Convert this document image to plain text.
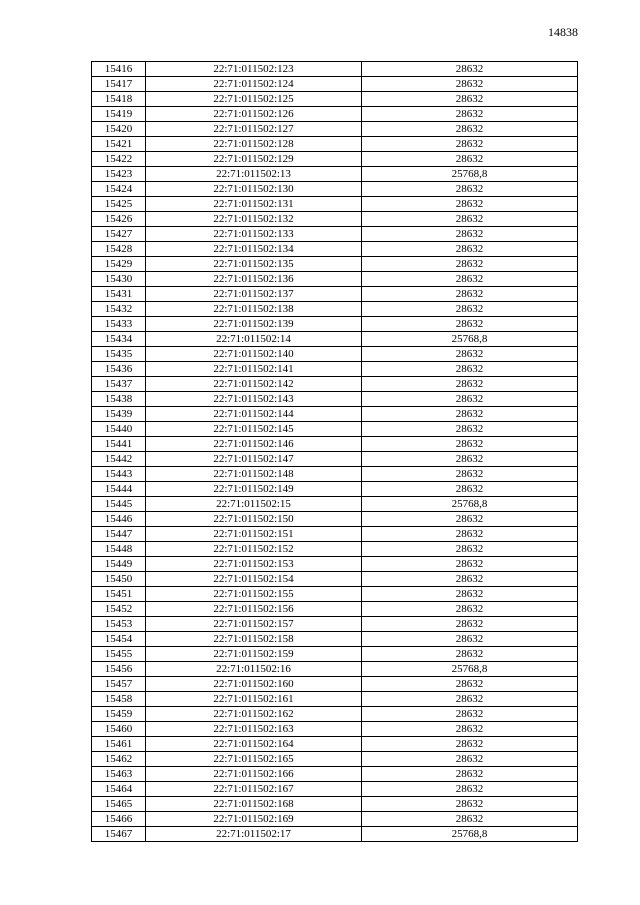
14838
15416	22:71:011502:123	28632
15417	22:71:011502:124	28632
15418	22:71:011502:125	28632
15419	22:71:011502:126	28632
15420	22:71:011502:127	28632
15421	22:71:011502:128	28632
15422	22:71:011502:129	28632
15423	22:71:011502:13	25768,8
15424	22:71:011502:130	28632
15425	22:71:011502:131	28632
15426	22:71:011502:132	28632
15427	22:71:011502:133	28632
15428	22:71:011502:134	28632
15429	22:71:011502:135	28632
15430	22:71:011502:136	28632
15431	22:71:011502:137	28632
15432	22:71:011502:138	28632
15433	22:71:011502:139	28632
15434	22:71:011502:14	25768,8
15435	22:71:011502:140	28632
15436	22:71:011502:141	28632
15437	22:71:011502:142	28632
15438	22:71:011502:143	28632
15439	22:71:011502:144	28632
15440	22:71:011502:145	28632
15441	22:71:011502:146	28632
15442	22:71:011502:147	28632
15443	22:71:011502:148	28632
15444	22:71:011502:149	28632
15445	22:71:011502:15	25768,8
15446	22:71:011502:150	28632
15447	22:71:011502:151	28632
15448	22:71:011502:152	28632
15449	22:71:011502:153	28632
15450	22:71:011502:154	28632
15451	22:71:011502:155	28632
15452	22:71:011502:156	28632
15453	22:71:011502:157	28632
15454	22:71:011502:158	28632
15455	22:71:011502:159	28632
15456	22:71:011502:16	25768,8
15457	22:71:011502:160	28632
15458	22:71:011502:161	28632
15459	22:71:011502:162	28632
15460	22:71:011502:163	28632
15461	22:71:011502:164	28632
15462	22:71:011502:165	28632
15463	22:71:011502:166	28632
15464	22:71:011502:167	28632
15465	22:71:011502:168	28632
15466	22:71:011502:169	28632
15467	22:71:011502:17	25768,8
